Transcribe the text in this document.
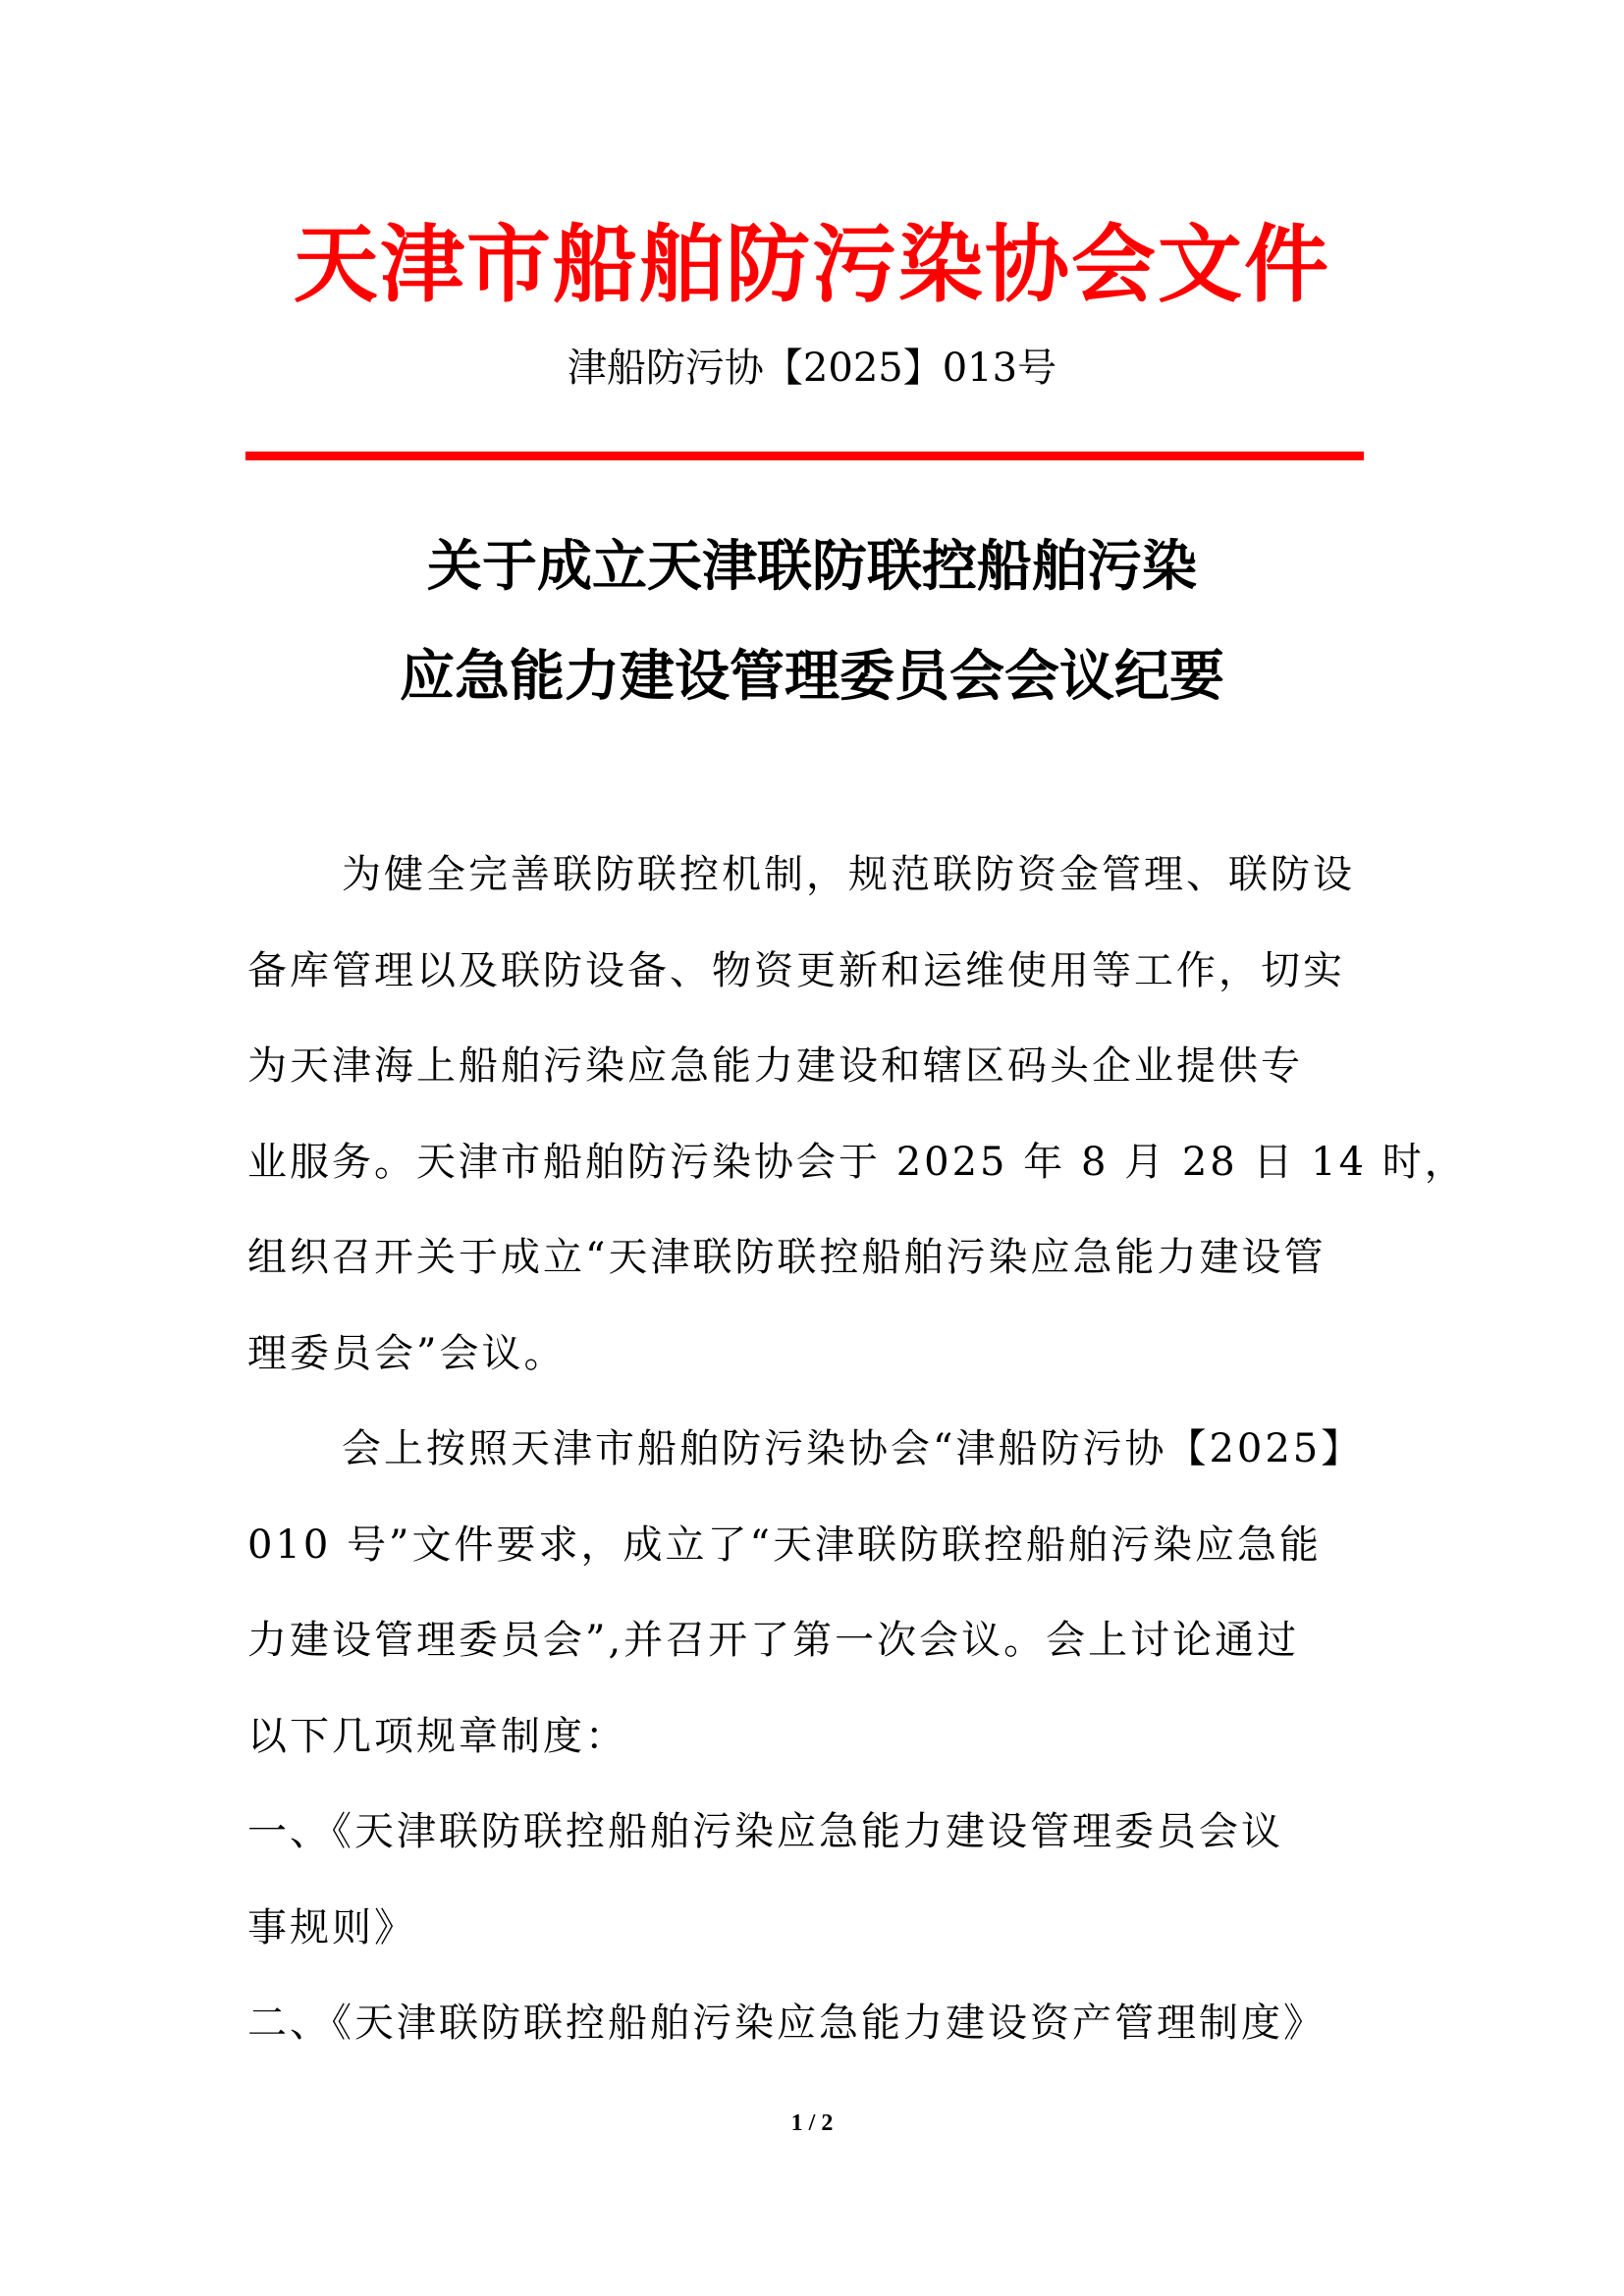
天津市船舶防污染协会文件
津船防污协【2025】013号
关于成立天津联防联控船舶污染
应急能力建设管理委员会会议纪要
为健全完善联防联控机制，规范联防资金管理、联防设
备库管理以及联防设备、物资更新和运维使用等工作，切实
为天津海上船舶污染应急能力建设和辖区码头企业提供专
业服务。天津市船舶防污染协会于 2025 年 8 月 28 日 14 时，
组织召开关于成立“天津联防联控船舶污染应急能力建设管
理委员会”会议。
会上按照天津市船舶防污染协会“津船防污协【2025】
010 号”文件要求，成立了“天津联防联控船舶污染应急能
力建设管理委员会”,并召开了第一次会议。会上讨论通过
以下几项规章制度：
一、《天津联防联控船舶污染应急能力建设管理委员会议
事规则》
二、《天津联防联控船舶污染应急能力建设资产管理制度》
1 / 2
